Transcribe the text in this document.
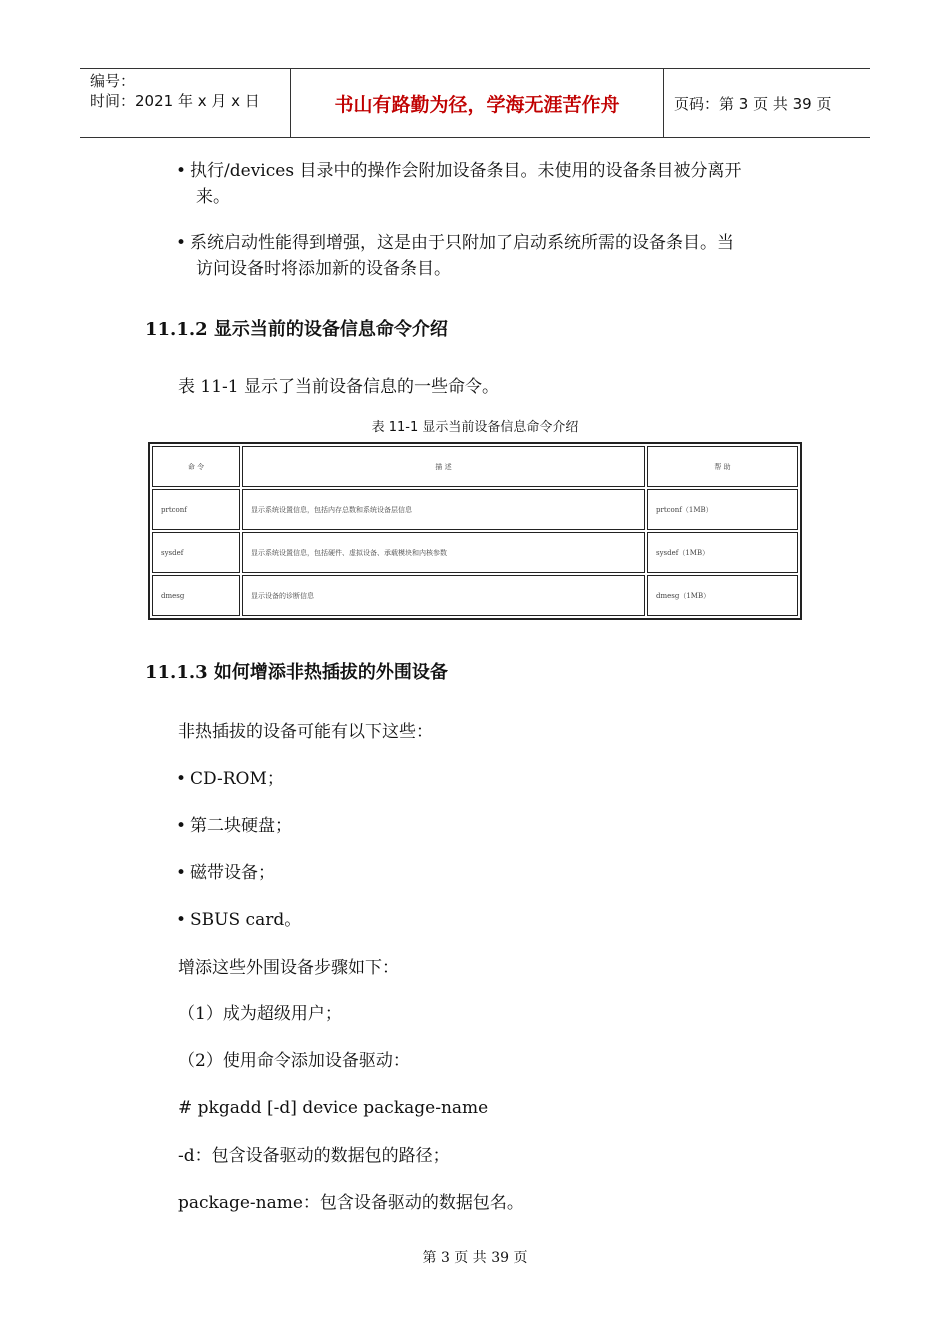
编号：
时间：2021 年 x 月 x 日	书山有路勤为径，学海无涯苦作舟	页码：第 3 页 共 39 页
• 执行/devices 目录中的操作会附加设备条目。未使用的设备条目被分离开
来。
• 系统启动性能得到增强，这是由于只附加了启动系统所需的设备条目。当
访问设备时将添加新的设备条目。
11.1.2 显示当前的设备信息命令介绍
表 11-1 显示了当前设备信息的一些命令。
表 11-1 显示当前设备信息命令介绍
命 令	描 述	帮 助
prtconf	显示系统设置信息，包括内存总数和系统设备层信息	prtconf（1MB）
sysdef	显示系统设置信息，包括硬件、虚拟设备、承载模块和内核参数	sysdef（1MB）
dmesg	显示设备的诊断信息	dmesg（1MB）
11.1.3 如何增添非热插拔的外围设备
非热插拔的设备可能有以下这些：
• CD-ROM；
• 第二块硬盘；
• 磁带设备；
• SBUS card。
增添这些外围设备步骤如下：
（1）成为超级用户；
（2）使用命令添加设备驱动：
# pkgadd [-d] device package-name
-d：包含设备驱动的数据包的路径；
package-name：包含设备驱动的数据包名。
第 3 页 共 39 页
